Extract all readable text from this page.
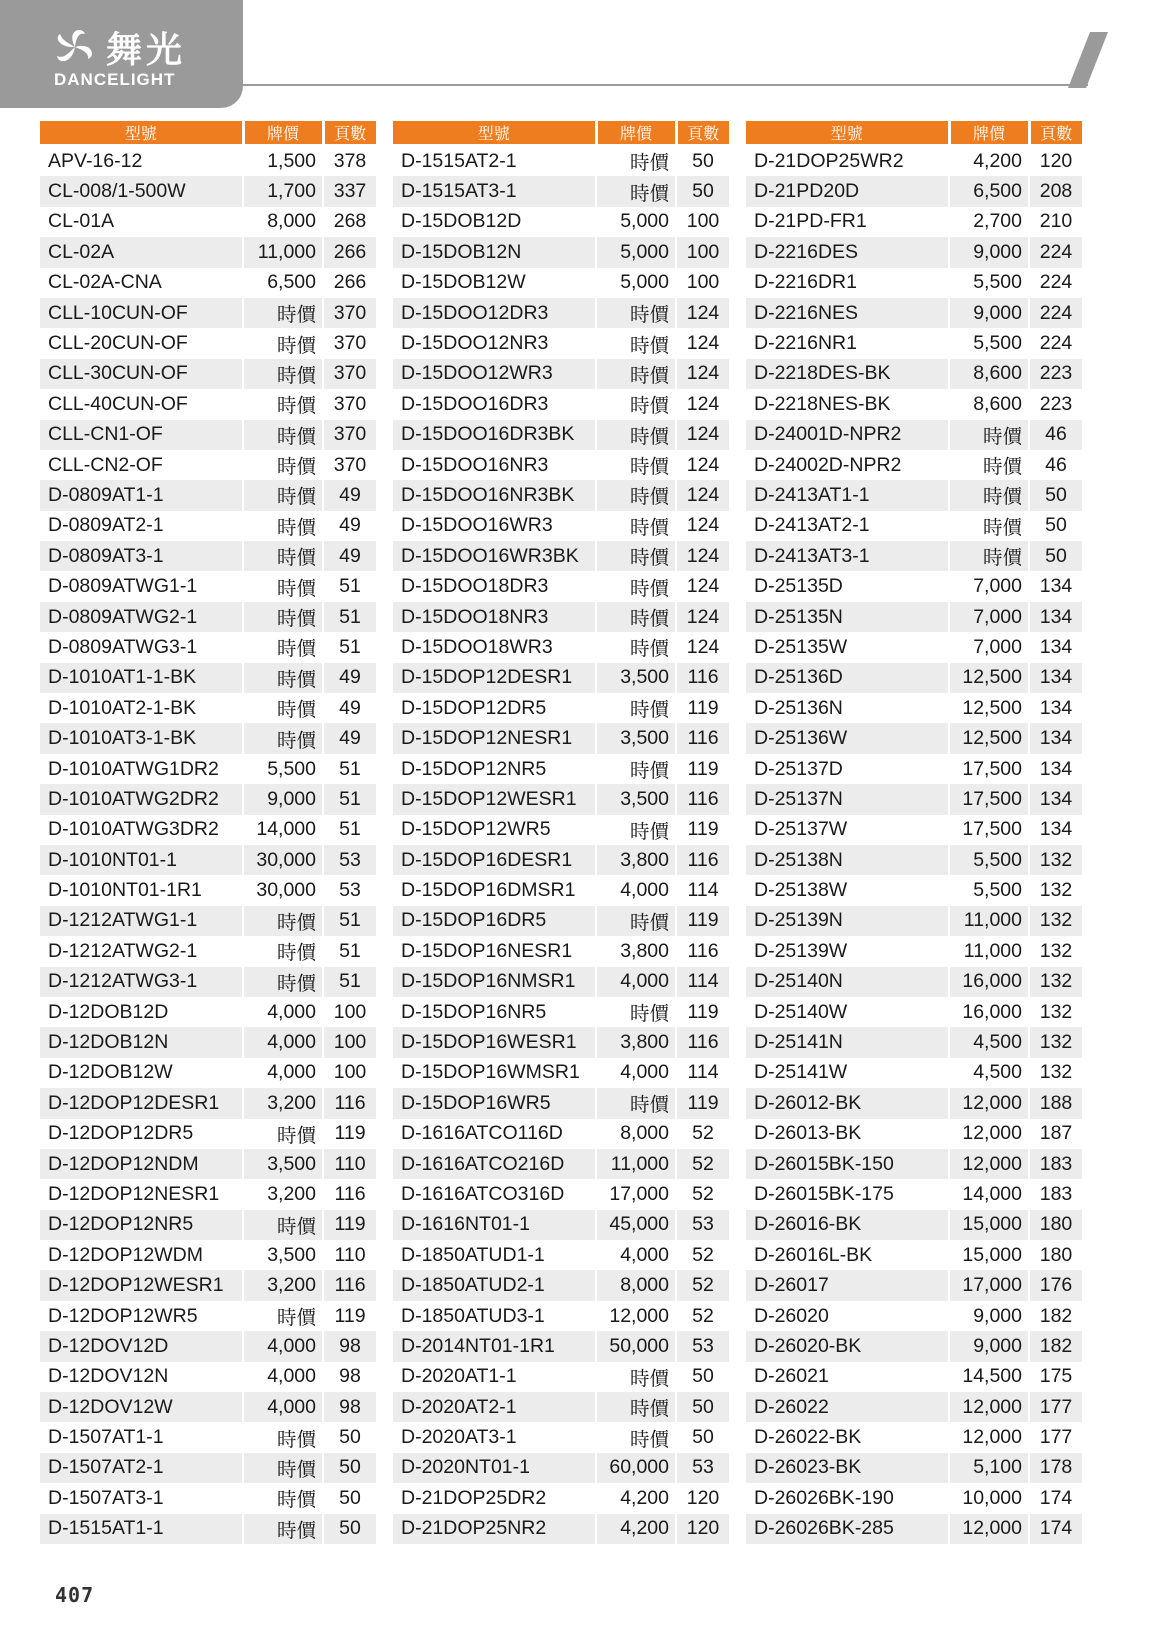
舞光
DANCELIGHT
型號	牌價	頁數
APV-16-12	1,500	378
CL-008/1-500W	1,700	337
CL-01A	8,000	268
CL-02A	11,000	266
CL-02A-CNA	6,500	266
CLL-10CUN-OF	時價	370
CLL-20CUN-OF	時價	370
CLL-30CUN-OF	時價	370
CLL-40CUN-OF	時價	370
CLL-CN1-OF	時價	370
CLL-CN2-OF	時價	370
D-0809AT1-1	時價	49
D-0809AT2-1	時價	49
D-0809AT3-1	時價	49
D-0809ATWG1-1	時價	51
D-0809ATWG2-1	時價	51
D-0809ATWG3-1	時價	51
D-1010AT1-1-BK	時價	49
D-1010AT2-1-BK	時價	49
D-1010AT3-1-BK	時價	49
D-1010ATWG1DR2	5,500	51
D-1010ATWG2DR2	9,000	51
D-1010ATWG3DR2	14,000	51
D-1010NT01-1	30,000	53
D-1010NT01-1R1	30,000	53
D-1212ATWG1-1	時價	51
D-1212ATWG2-1	時價	51
D-1212ATWG3-1	時價	51
D-12DOB12D	4,000	100
D-12DOB12N	4,000	100
D-12DOB12W	4,000	100
D-12DOP12DESR1	3,200	116
D-12DOP12DR5	時價	119
D-12DOP12NDM	3,500	110
D-12DOP12NESR1	3,200	116
D-12DOP12NR5	時價	119
D-12DOP12WDM	3,500	110
D-12DOP12WESR1	3,200	116
D-12DOP12WR5	時價	119
D-12DOV12D	4,000	98
D-12DOV12N	4,000	98
D-12DOV12W	4,000	98
D-1507AT1-1	時價	50
D-1507AT2-1	時價	50
D-1507AT3-1	時價	50
D-1515AT1-1	時價	50
型號	牌價	頁數
D-1515AT2-1	時價	50
D-1515AT3-1	時價	50
D-15DOB12D	5,000	100
D-15DOB12N	5,000	100
D-15DOB12W	5,000	100
D-15DOO12DR3	時價	124
D-15DOO12NR3	時價	124
D-15DOO12WR3	時價	124
D-15DOO16DR3	時價	124
D-15DOO16DR3BK	時價	124
D-15DOO16NR3	時價	124
D-15DOO16NR3BK	時價	124
D-15DOO16WR3	時價	124
D-15DOO16WR3BK	時價	124
D-15DOO18DR3	時價	124
D-15DOO18NR3	時價	124
D-15DOO18WR3	時價	124
D-15DOP12DESR1	3,500	116
D-15DOP12DR5	時價	119
D-15DOP12NESR1	3,500	116
D-15DOP12NR5	時價	119
D-15DOP12WESR1	3,500	116
D-15DOP12WR5	時價	119
D-15DOP16DESR1	3,800	116
D-15DOP16DMSR1	4,000	114
D-15DOP16DR5	時價	119
D-15DOP16NESR1	3,800	116
D-15DOP16NMSR1	4,000	114
D-15DOP16NR5	時價	119
D-15DOP16WESR1	3,800	116
D-15DOP16WMSR1	4,000	114
D-15DOP16WR5	時價	119
D-1616ATCO116D	8,000	52
D-1616ATCO216D	11,000	52
D-1616ATCO316D	17,000	52
D-1616NT01-1	45,000	53
D-1850ATUD1-1	4,000	52
D-1850ATUD2-1	8,000	52
D-1850ATUD3-1	12,000	52
D-2014NT01-1R1	50,000	53
D-2020AT1-1	時價	50
D-2020AT2-1	時價	50
D-2020AT3-1	時價	50
D-2020NT01-1	60,000	53
D-21DOP25DR2	4,200	120
D-21DOP25NR2	4,200	120
型號	牌價	頁數
D-21DOP25WR2	4,200	120
D-21PD20D	6,500	208
D-21PD-FR1	2,700	210
D-2216DES	9,000	224
D-2216DR1	5,500	224
D-2216NES	9,000	224
D-2216NR1	5,500	224
D-2218DES-BK	8,600	223
D-2218NES-BK	8,600	223
D-24001D-NPR2	時價	46
D-24002D-NPR2	時價	46
D-2413AT1-1	時價	50
D-2413AT2-1	時價	50
D-2413AT3-1	時價	50
D-25135D	7,000	134
D-25135N	7,000	134
D-25135W	7,000	134
D-25136D	12,500	134
D-25136N	12,500	134
D-25136W	12,500	134
D-25137D	17,500	134
D-25137N	17,500	134
D-25137W	17,500	134
D-25138N	5,500	132
D-25138W	5,500	132
D-25139N	11,000	132
D-25139W	11,000	132
D-25140N	16,000	132
D-25140W	16,000	132
D-25141N	4,500	132
D-25141W	4,500	132
D-26012-BK	12,000	188
D-26013-BK	12,000	187
D-26015BK-150	12,000	183
D-26015BK-175	14,000	183
D-26016-BK	15,000	180
D-26016L-BK	15,000	180
D-26017	17,000	176
D-26020	9,000	182
D-26020-BK	9,000	182
D-26021	14,500	175
D-26022	12,000	177
D-26022-BK	12,000	177
D-26023-BK	5,100	178
D-26026BK-190	10,000	174
D-26026BK-285	12,000	174
407
